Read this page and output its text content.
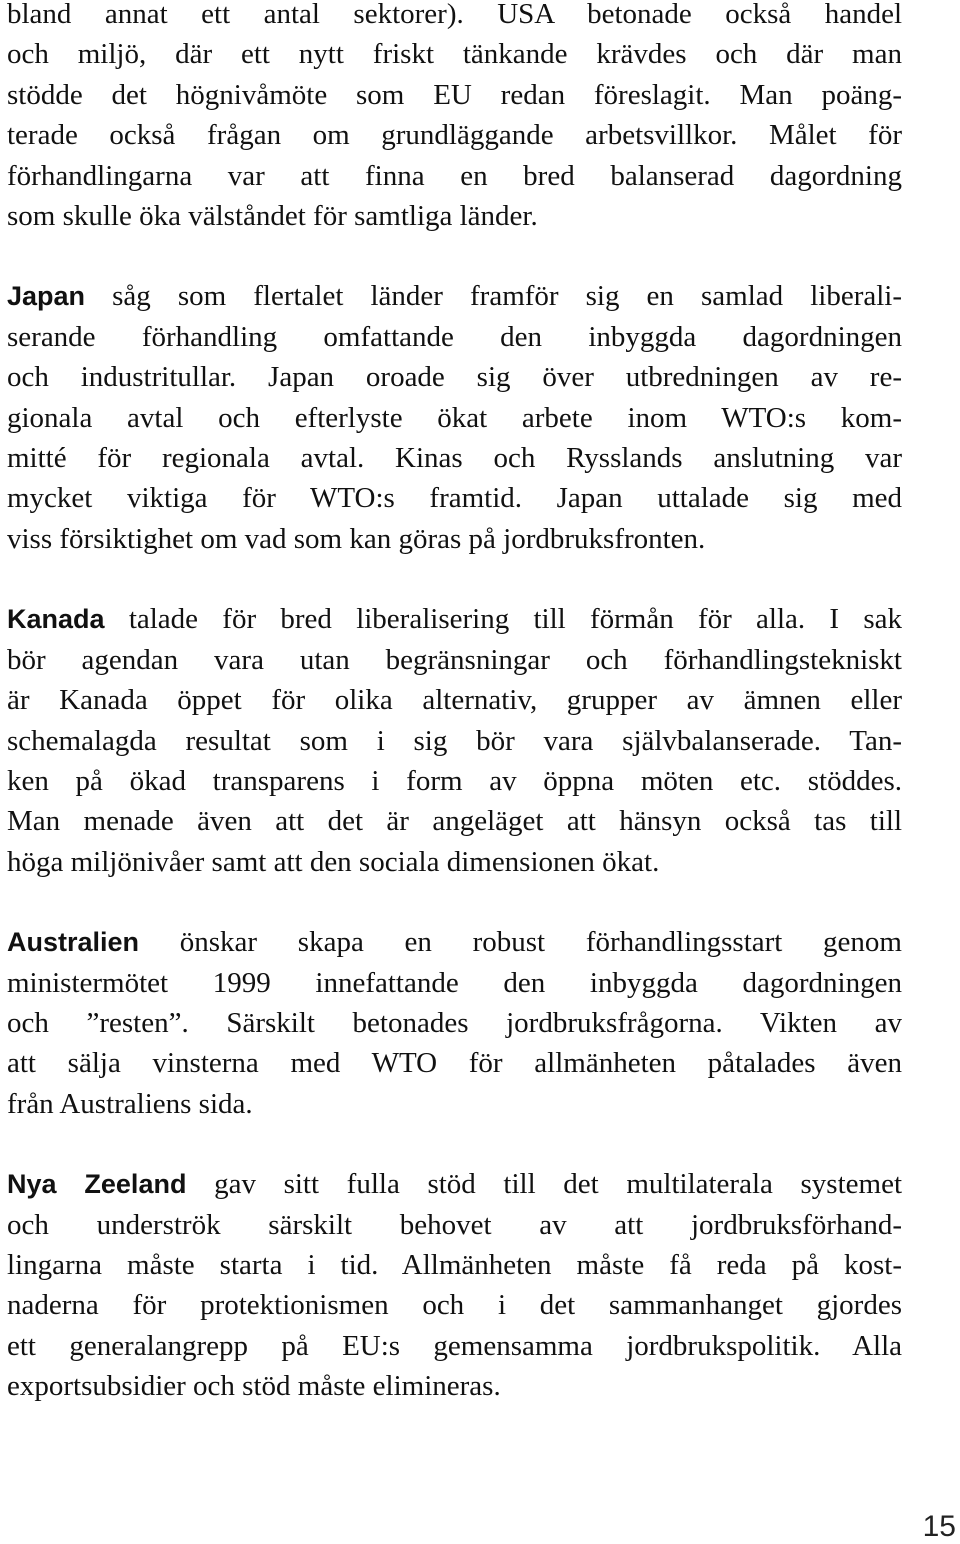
bland annat ett antal sektorer). USA betonade också handel
och miljö, där ett nytt friskt tänkande krävdes och där man
stödde det högnivåmöte som EU redan föreslagit. Man poäng-
terade också frågan om grundläggande arbetsvillkor. Målet för
förhandlingarna var att finna en bred balanserad dagordning
som skulle öka välståndet för samtliga länder.

Japan såg som flertalet länder framför sig en samlad liberali-
serande förhandling omfattande den inbyggda dagordningen
och industritullar. Japan oroade sig över utbredningen av re-
gionala avtal och efterlyste ökat arbete inom WTO:s kom-
mitté för regionala avtal. Kinas och Rysslands anslutning var
mycket viktiga för WTO:s framtid. Japan uttalade sig med
viss försiktighet om vad som kan göras på jordbruksfronten.

Kanada talade för bred liberalisering till förmån för alla. I sak
bör agendan vara utan begränsningar och förhandlingstekniskt
är Kanada öppet för olika alternativ, grupper av ämnen eller
schemalagda resultat som i sig bör vara självbalanserade. Tan-
ken på ökad transparens i form av öppna möten etc. stöddes.
Man menade även att det är angeläget att hänsyn också tas till
höga miljönivåer samt att den sociala dimensionen ökat.

Australien önskar skapa en robust förhandlingsstart genom
ministermötet 1999 innefattande den inbyggda dagordningen
och ”resten”. Särskilt betonades jordbruksfrågorna. Vikten av
att sälja vinsterna med WTO för allmänheten påtalades även
från Australiens sida.

Nya Zeeland gav sitt fulla stöd till det multilaterala systemet
och underströk särskilt behovet av att jordbruksförhand-
lingarna måste starta i tid. Allmänheten måste få reda på kost-
naderna för protektionismen och i det sammanhanget gjordes
ett generalangrepp på EU:s gemensamma jordbrukspolitik. Alla
exportsubsidier och stöd måste elimineras.

15
